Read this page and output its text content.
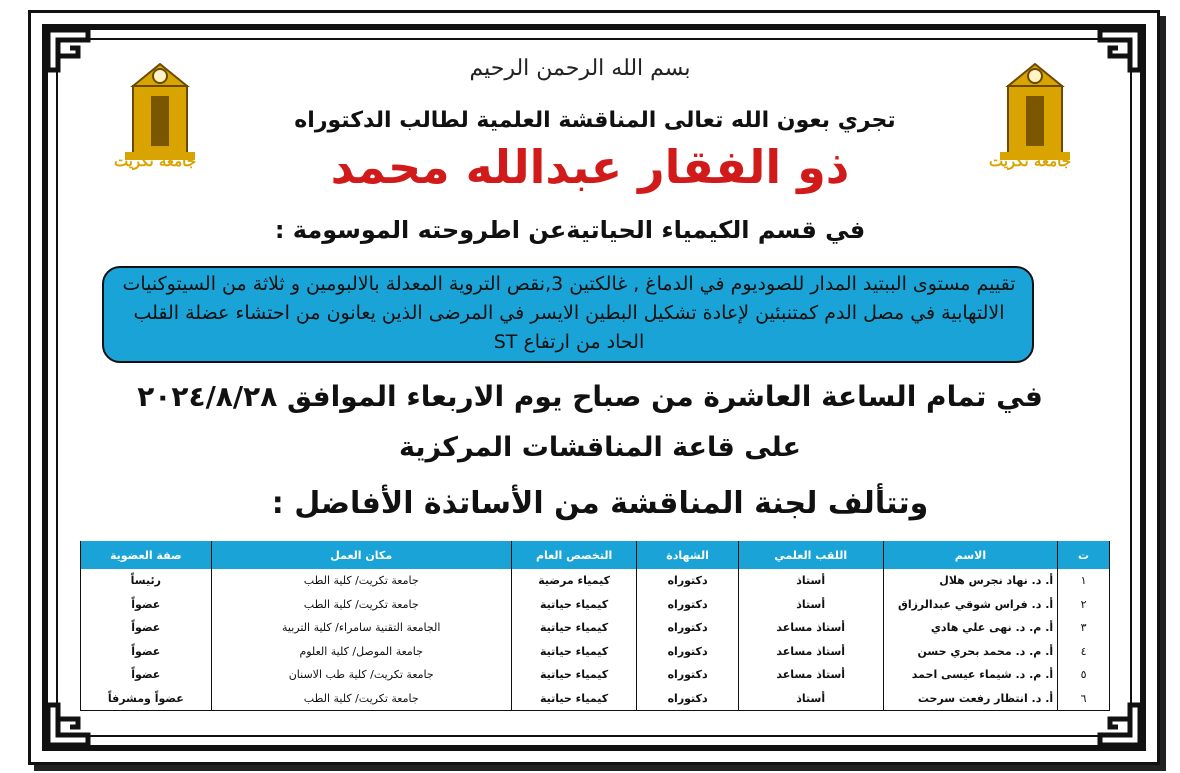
جامعة تكريت	جامعة تكريت
بسم الله الرحمن الرحيم
تجري بعون الله تعالى المناقشة العلمية لطالب الدكتوراه
ذو الفقار عبدالله محمد
في قسم الكيمياء الحياتيةعن اطروحته الموسومة :
تقييم مستوى الببتيد المدار للصوديوم في الدماغ , غالكتين 3,نقص التروية المعدلة بالالبومين و ثلاثة من السيتوكنيات الالتهابية في مصل الدم كمتنبئين لإعادة تشكيل البطين الايسر في المرضى الذين يعانون من احتشاء عضلة القلب الحاد من ارتفاع ST
في تمام الساعة العاشرة من صباح يوم الاربعاء الموافق ٢٠٢٤/٨/٢٨
على قاعة المناقشات المركزية
وتتألف لجنة المناقشة من الأساتذة الأفاضل :
ت	الاسم	اللقب العلمي	الشهادة	التخصص العام	مكان العمل	صفة العضوية
١	أ. د. نهاد نجرس هلال	أستاذ	دكتوراه	كيمياء مرضية	جامعة تكريت/ كلية الطب	رئيساً
٢	أ. د. فراس شوقي عبدالرزاق	أستاذ	دكتوراه	كيمياء حياتية	جامعة تكريت/ كلية الطب	عضواً
٣	أ. م. د. نهى علي هادي	أستاذ مساعد	دكتوراه	كيمياء حياتية	الجامعة التقنية سامراء/ كلية التربية	عضواً
٤	أ. م. د. محمد بحري حسن	أستاذ مساعد	دكتوراه	كيمياء حياتية	جامعة الموصل/ كلية العلوم	عضواً
٥	أ. م. د. شيماء عيسى احمد	أستاذ مساعد	دكتوراه	كيمياء حياتية	جامعة تكريت/ كلية طب الاسنان	عضواً
٦	أ. د. انتظار رفعت سرحت	أستاذ	دكتوراه	كيمياء حياتية	جامعة تكريت/ كلية الطب	عضواً ومشرفاً
